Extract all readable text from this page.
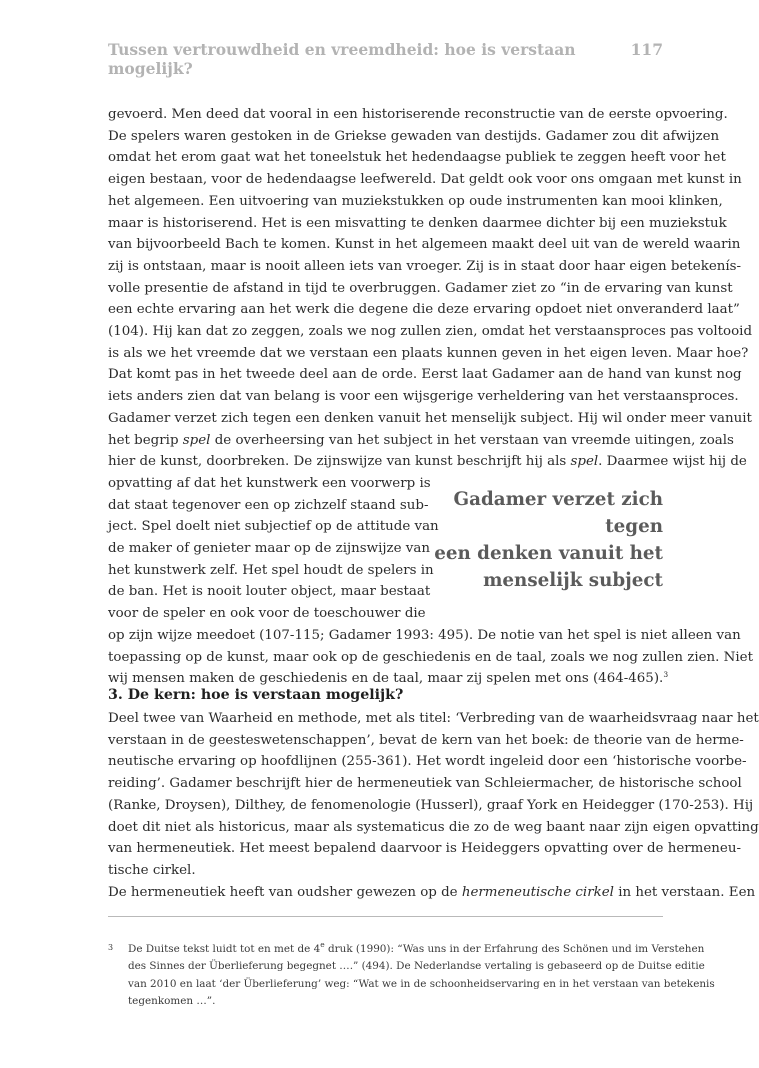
Tussen vertrouwdheid en vreemdheid: hoe is verstaan mogelijk?
117
gevoerd. Men deed dat vooral in een historiserende reconstructie van de eerste opvoering.
De spelers waren gestoken in de Griekse gewaden van destijds. Gadamer zou dit afwijzen
omdat het erom gaat wat het toneelstuk het hedendaagse publiek te zeggen heeft voor het
eigen bestaan, voor de hedendaagse leefwereld. Dat geldt ook voor ons omgaan met kunst in
het algemeen. Een uitvoering van muziekstukken op oude instrumenten kan mooi klinken,
maar is historiserend. Het is een misvatting te denken daarmee dichter bij een muziekstuk
van bijvoorbeeld Bach te komen. Kunst in het algemeen maakt deel uit van de wereld waarin
zij is ontstaan, maar is nooit alleen iets van vroeger. Zij is in staat door haar eigen betekenís-
volle presentie de afstand in tijd te overbruggen. Gadamer ziet zo “in de ervaring van kunst
een echte ervaring aan het werk die degene die deze ervaring opdoet niet onveranderd laat”
(104). Hij kan dat zo zeggen, zoals we nog zullen zien, omdat het verstaansproces pas voltooid
is als we het vreemde dat we verstaan een plaats kunnen geven in het eigen leven. Maar hoe?
Dat komt pas in het tweede deel aan de orde. Eerst laat Gadamer aan de hand van kunst nog
iets anders zien dat van belang is voor een wijsgerige verheldering van het verstaansproces.
Gadamer verzet zich tegen een denken vanuit het menselijk subject. Hij wil onder meer vanuit
het begrip spel de overheersing van het subject in het verstaan van vreemde uitingen, zoals
hier de kunst, doorbreken. De zijnswijze van kunst beschrijft hij als spel. Daarmee wijst hij de
opvatting af dat het kunstwerk een voorwerp is
dat staat tegenover een op zichzelf staand sub-
ject. Spel doelt niet subjectief op de attitude van
de maker of genieter maar op de zijnswijze van
het kunstwerk zelf. Het spel houdt de spelers in
de ban. Het is nooit louter object, maar bestaat
voor de speler en ook voor de toeschouwer die
op zijn wijze meedoet (107-115; Gadamer 1993: 495). De notie van het spel is niet alleen van
toepassing op de kunst, maar ook op de geschiedenis en de taal, zoals we nog zullen zien. Niet
wij mensen maken de geschiedenis en de taal, maar zij spelen met ons (464-465).$^3$
Gadamer verzet zich tegen
een denken vanuit het
menselijk subject
3. De kern: hoe is verstaan mogelijk?
Deel twee van Waarheid en methode, met als titel: ‘Verbreding van de waarheidsvraag naar het
verstaan in de geesteswetenschappen’, bevat de kern van het boek: de theorie van de herme-
neutische ervaring op hoofdlijnen (255-361). Het wordt ingeleid door een ‘historische voorbe-
reiding’. Gadamer beschrijft hier de hermeneutiek van Schleiermacher, de historische school
(Ranke, Droysen), Dilthey, de fenomenologie (Husserl), graaf York en Heidegger (170-253). Hij
doet dit niet als historicus, maar als systematicus die zo de weg baant naar zijn eigen opvatting
van hermeneutiek. Het meest bepalend daarvoor is Heideggers opvatting over de hermeneu-
tische cirkel.
De hermeneutiek heeft van oudsher gewezen op de hermeneutische cirkel in het verstaan. Een
3 De Duitse tekst luidt tot en met de 4e druk (1990): “Was uns in der Erfahrung des Schönen und im Verstehen
des Sinnes der Überlieferung begegnet ….” (494). De Nederlandse vertaling is gebaseerd op de Duitse editie
van 2010 en laat ‘der Überlieferung’ weg: “Wat we in de schoonheidservaring en in het verstaan van betekenis
tegenkomen …”.
